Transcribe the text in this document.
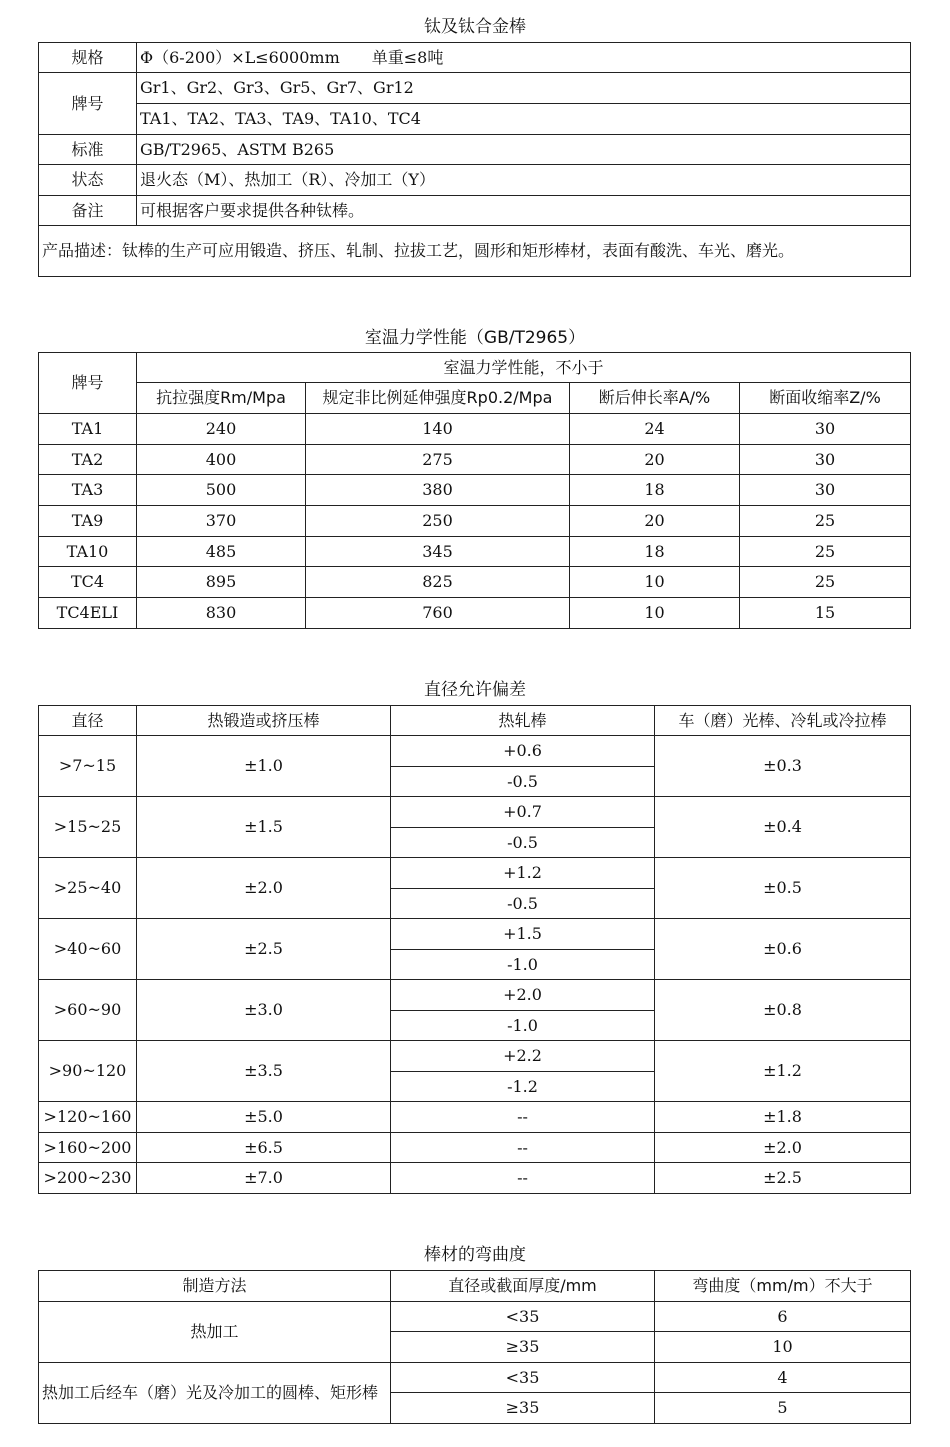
钛及钛合金棒
规格	Φ（6-200）×L≤6000mm　　单重≤8吨
牌号	Gr1、Gr2、Gr3、Gr5、Gr7、Gr12
	TA1、TA2、TA3、TA9、TA10、TC4
标准	GB/T2965、ASTM B265
状态	退火态（M）、热加工（R）、冷加工（Y）
备注	可根据客户要求提供各种钛棒。
产品描述：钛棒的生产可应用锻造、挤压、轧制、拉拔工艺，圆形和矩形棒材，表面有酸洗、车光、磨光。	
室温力学性能（GB/T2965）
牌号	室温力学性能，不小于			
	抗拉强度Rm/Mpa	规定非比例延伸强度Rp0.2/Mpa	断后伸长率A/%	断面收缩率Z/%
TA1	240	140	24	30
TA2	400	275	20	30
TA3	500	380	18	30
TA9	370	250	20	25
TA10	485	345	18	25
TC4	895	825	10	25
TC4ELI	830	760	10	15
直径允许偏差
直径	热锻造或挤压棒	热轧棒	车（磨）光棒、冷轧或冷拉棒
>7~15	±1.0	+0.6	±0.3
		-0.5	
>15~25	±1.5	+0.7	±0.4
		-0.5	
>25~40	±2.0	+1.2	±0.5
		-0.5	
>40~60	±2.5	+1.5	±0.6
		-1.0	
>60~90	±3.0	+2.0	±0.8
		-1.0	
>90~120	±3.5	+2.2	±1.2
		-1.2	
>120~160	±5.0	--	±1.8
>160~200	±6.5	--	±2.0
>200~230	±7.0	--	±2.5
棒材的弯曲度
制造方法	直径或截面厚度/mm	弯曲度（mm/m）不大于
热加工	<35	6
	≥35	10
热加工后经车（磨）光及冷加工的圆棒、矩形棒	<35	4
	≥35	5
